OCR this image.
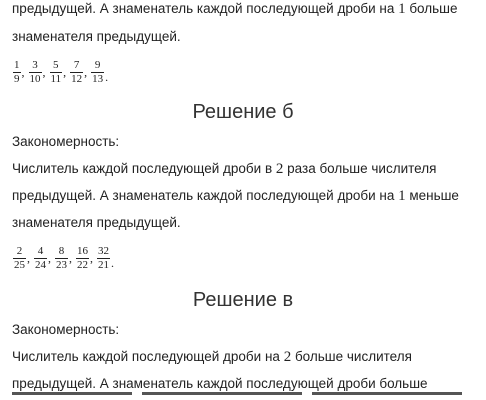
предыдущей. А знаменатель каждой последующей дроби на 1 больше
знаменателя предыдущей.
$\frac{1}{9}$ , $\frac{3}{10}$ , $\frac{5}{11}$ , $\frac{7}{12}$ , $\frac{9}{13}$ .
Решение б
Закономерность:
Числитель каждой последующей дроби в 2 раза больше числителя
предыдущей. А знаменатель каждой последующей дроби на 1 меньше
знаменателя предыдущей.
$\frac{2}{25}$ , $\frac{4}{24}$ , $\frac{8}{23}$ , $\frac{16}{22}$ , $\frac{32}{21}$ .
Решение в
Закономерность:
Числитель каждой последующей дроби на 2 больше числителя
предыдущей. А знаменатель каждой последующей дроби больше
